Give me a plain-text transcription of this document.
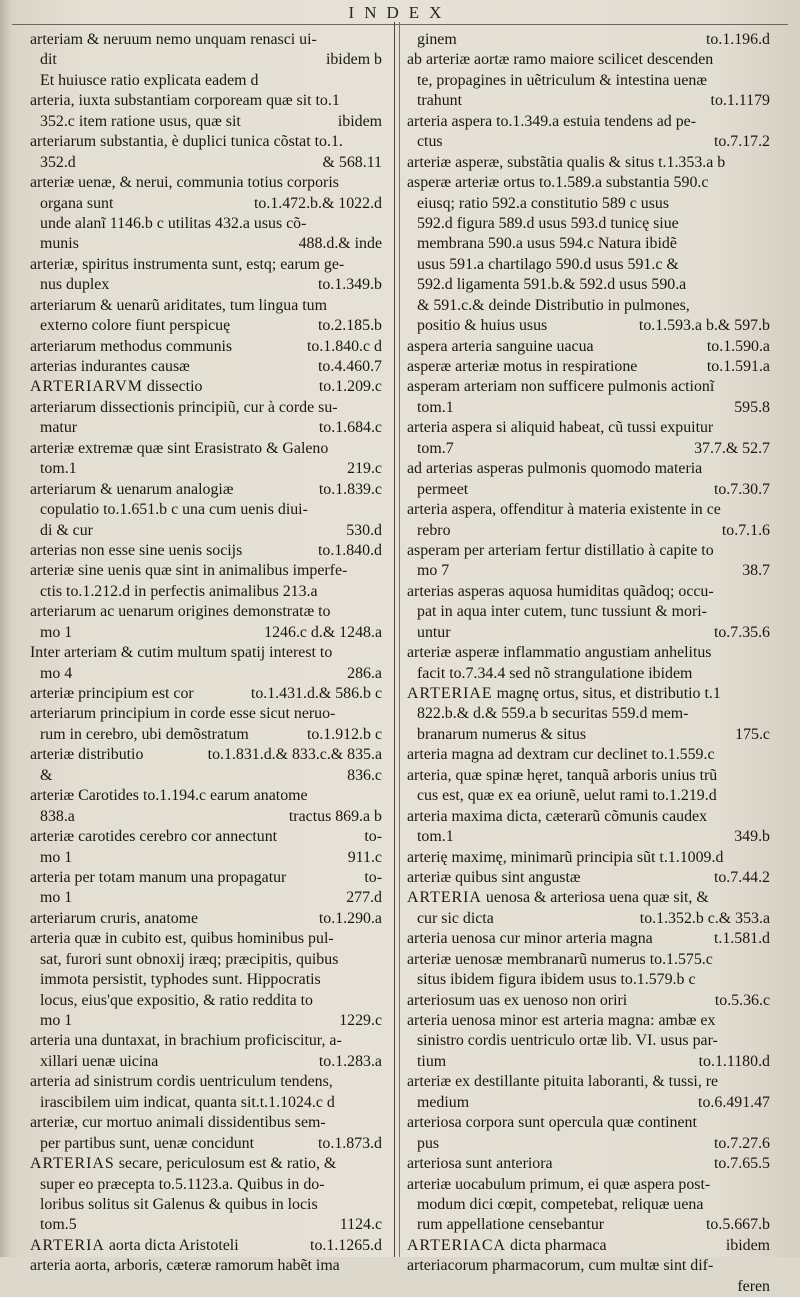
INDEX
arteriam & neruum nemo unquam renasci ui-
dit	ibidem b
Et huiusce ratio explicata eadem d
arteria, iuxta substantiam corpoream quæ sit to.1
352.c item ratione usus, quæ sit	ibidem
arteriarum substantia, è duplici tunica cõstat to.1.
352.d	& 568.11
arteriæ uenæ, & nerui, communia totius corporis
organa sunt	to.1.472.b.& 1022.d
unde alanĩ 1146.b c utilitas 432.a usus cõ-
munis	488.d.& inde
arteriæ, spiritus instrumenta sunt, estq; earum ge-
nus duplex	to.1.349.b
arteriarum & uenarũ ariditates, tum lingua tum
externo colore fiunt perspicuę	to.2.185.b
arteriarum methodus communis	to.1.840.c d
arterias indurantes causæ	to.4.460.7
ARTERIARVM dissectio	to.1.209.c
arteriarum dissectionis principiũ, cur à corde su-
matur	to.1.684.c
arteriæ extremæ quæ sint Erasistrato & Galeno
tom.1	219.c
arteriarum & uenarum analogiæ	to.1.839.c
copulatio to.1.651.b c una cum uenis diui-
di & cur	530.d
arterias non esse sine uenis socijs	to.1.840.d
arteriæ sine uenis quæ sint in animalibus imperfe-
ctis to.1.212.d in perfectis animalibus 213.a
arteriarum ac uenarum origines demonstratæ to
mo 1	1246.c d.& 1248.a
Inter arteriam & cutim multum spatij interest to
mo 4	286.a
arteriæ principium est cor	to.1.431.d.& 586.b c
arteriarum principium in corde esse sicut neruo-
rum in cerebro, ubi demõstratum	to.1.912.b c
arteriæ distributio	to.1.831.d.& 833.c.& 835.a
&	836.c
arteriæ Carotides to.1.194.c earum anatome
838.a	tractus 869.a b
arteriæ carotides cerebro cor annectunt	to-
mo 1	911.c
arteria per totam manum una propagatur	to-
mo 1	277.d
arteriarum cruris, anatome	to.1.290.a
arteria quæ in cubito est, quibus hominibus pul-
sat, furori sunt obnoxij iræq; præcipitis, quibus
immota persistit, typhodes sunt. Hippocratis
locus, eius'que expositio, & ratio reddita to
mo 1	1229.c
arteria una duntaxat, in brachium proficiscitur, a-
xillari uenæ uicina	to.1.283.a
arteria ad sinistrum cordis uentriculum tendens,
irascibilem uim indicat, quanta sit.t.1.1024.c d
arteriæ, cur mortuo animali dissidentibus sem-
per partibus sunt, uenæ concidunt	to.1.873.d
ARTERIAS secare, periculosum est & ratio, &
super eo præcepta to.5.1123.a. Quibus in do-
loribus solitus sit Galenus & quibus in locis
tom.5	1124.c
ARTERIA aorta dicta Aristoteli	to.1.1265.d
arteria aorta, arboris, cæteræ ramorum habẽt ima
ginem	to.1.196.d
ab arteriæ aortæ ramo maiore scilicet descenden
te, propagines in uẽtriculum & intestina uenæ
trahunt	to.1.1179
arteria aspera to.1.349.a estuia tendens ad pe-
ctus	to.7.17.2
arteriæ asperæ, substãtia qualis & situs t.1.353.a b
asperæ arteriæ ortus to.1.589.a substantia 590.c
eiusq; ratio 592.a constitutio 589 c usus
592.d figura 589.d usus 593.d tunicę siue
membrana 590.a usus 594.c Natura ibidẽ
usus 591.a chartilago 590.d usus 591.c &
592.d ligamenta 591.b.& 592.d usus 590.a
& 591.c.& deinde Distributio in pulmones,
positio & huius usus	to.1.593.a b.& 597.b
aspera arteria sanguine uacua	to.1.590.a
asperæ arteriæ motus in respiratione	to.1.591.a
asperam arteriam non sufficere pulmonis actionĩ
tom.1	595.8
arteria aspera si aliquid habeat, cũ tussi expuitur
tom.7	37.7.& 52.7
ad arterias asperas pulmonis quomodo materia
permeet	to.7.30.7
arteria aspera, offenditur à materia existente in ce
rebro	to.7.1.6
asperam per arteriam fertur distillatio à capite to
mo 7	38.7
arterias asperas aquosa humiditas quãdoq; occu-
pat in aqua inter cutem, tunc tussiunt & mori-
untur	to.7.35.6
arteriæ asperæ inflammatio angustiam anhelitus
facit to.7.34.4 sed nõ strangulatione ibidem
ARTERIAE magnę ortus, situs, et distributio t.1
822.b.& d.& 559.a b securitas 559.d mem-
branarum numerus & situs	175.c
arteria magna ad dextram cur declinet to.1.559.c
arteria, quæ spinæ hęret, tanquã arboris unius trũ
cus est, quæ ex ea oriunẽ, uelut rami to.1.219.d
arteria maxima dicta, cæterarũ cõmunis caudex
tom.1	349.b
arterię maximę, minimarũ principia sũt t.1.1009.d
arteriæ quibus sint angustæ	to.7.44.2
ARTERIA uenosa & arteriosa uena quæ sit, &
cur sic dicta	to.1.352.b c.& 353.a
arteria uenosa cur minor arteria magna	t.1.581.d
arteriæ uenosæ membranarũ numerus to.1.575.c
situs ibidem figura ibidem usus to.1.579.b c
arteriosum uas ex uenoso non oriri	to.5.36.c
arteria uenosa minor est arteria magna: ambæ ex
sinistro cordis uentriculo ortæ lib. VI. usus par-
tium	to.1.1180.d
arteriæ ex destillante pituita laboranti, & tussi, re
medium	to.6.491.47
arteriosa corpora sunt opercula quæ continent
pus	to.7.27.6
arteriosa sunt anteriora	to.7.65.5
arteriæ uocabulum primum, ei quæ aspera post-
modum dici cœpit, competebat, reliquæ uena
rum appellatione censebantur	to.5.667.b
ARTERIACA dicta pharmaca	ibidem
arteriacorum pharmacorum, cum multæ sint dif-
feren
